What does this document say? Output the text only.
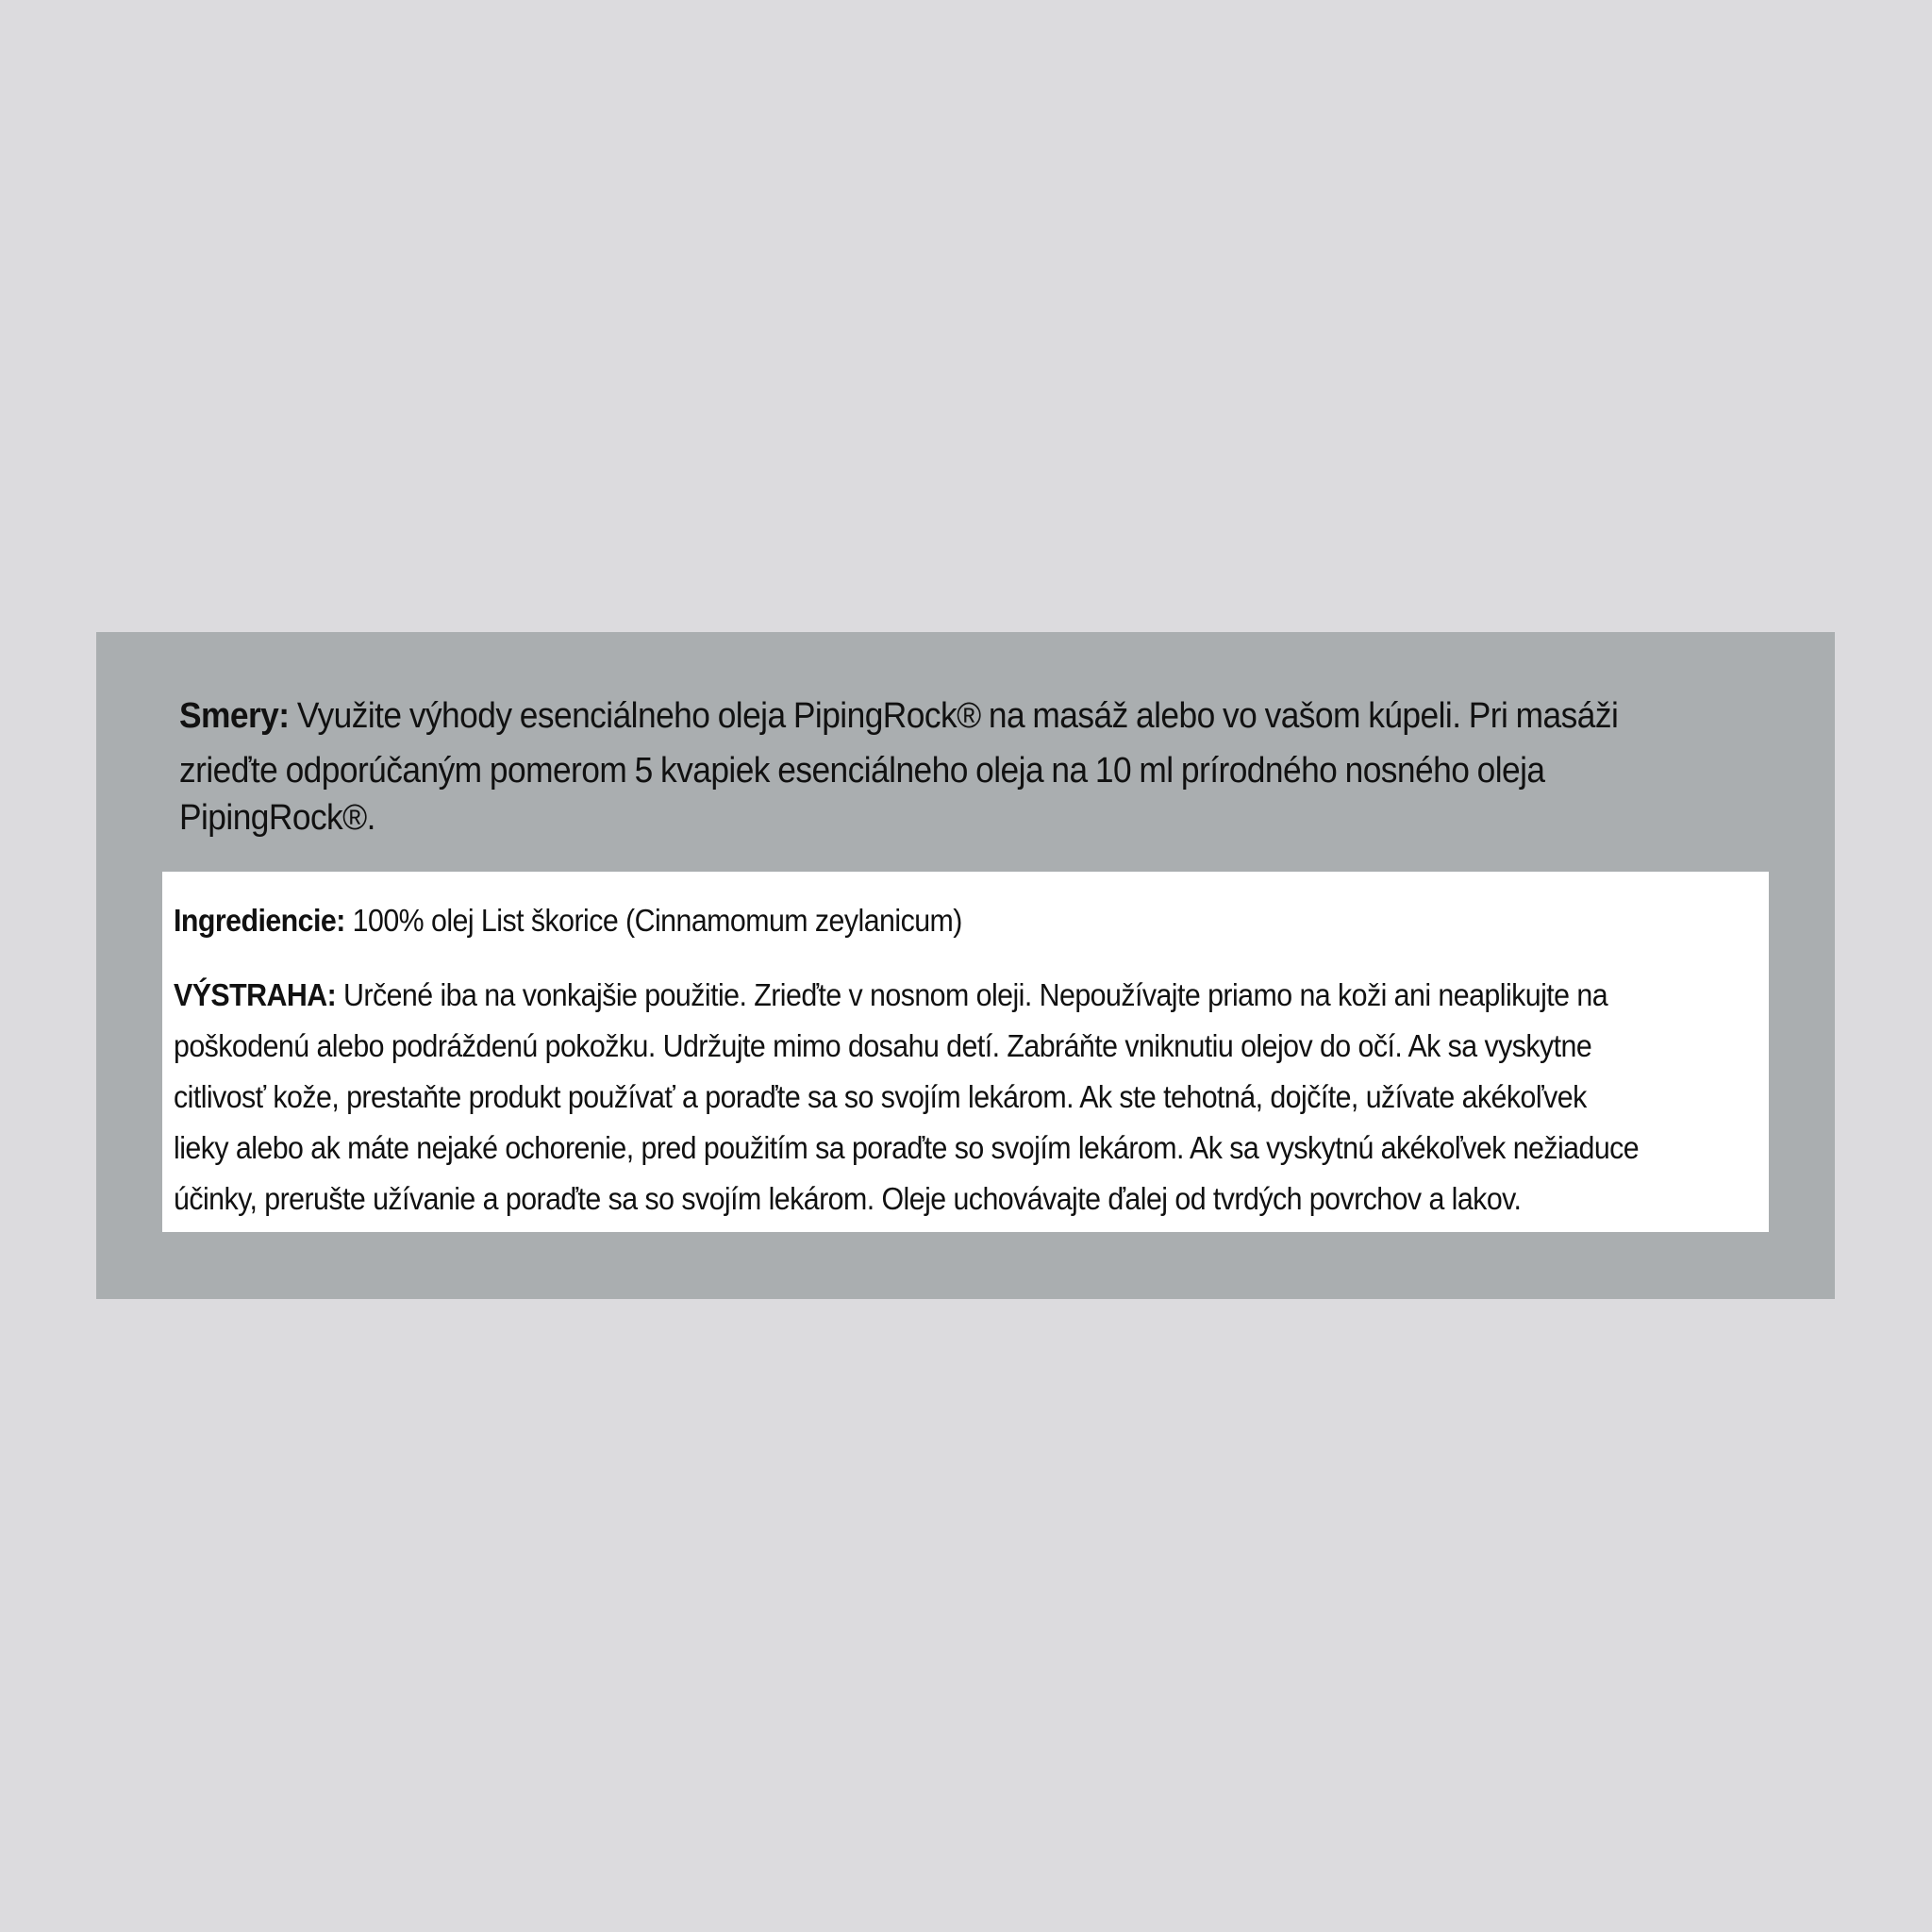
Smery: Využite výhody esenciálneho oleja PipingRock® na masáž alebo vo vašom kúpeli. Pri masáži
zrieďte odporúčaným pomerom 5 kvapiek esenciálneho oleja na 10 ml prírodného nosného oleja
PipingRock®.
Ingrediencie: 100% olej List škorice (Cinnamomum zeylanicum)
VÝSTRAHA: Určené iba na vonkajšie použitie. Zrieďte v nosnom oleji. Nepoužívajte priamo na koži ani neaplikujte na
poškodenú alebo podráždenú pokožku. Udržujte mimo dosahu detí. Zabráňte vniknutiu olejov do očí. Ak sa vyskytne
citlivosť kože, prestaňte produkt používať a poraďte sa so svojím lekárom. Ak ste tehotná, dojčíte, užívate akékoľvek
lieky alebo ak máte nejaké ochorenie, pred použitím sa poraďte so svojím lekárom. Ak sa vyskytnú akékoľvek nežiaduce
účinky, prerušte užívanie a poraďte sa so svojím lekárom. Oleje uchovávajte ďalej od tvrdých povrchov a lakov.
